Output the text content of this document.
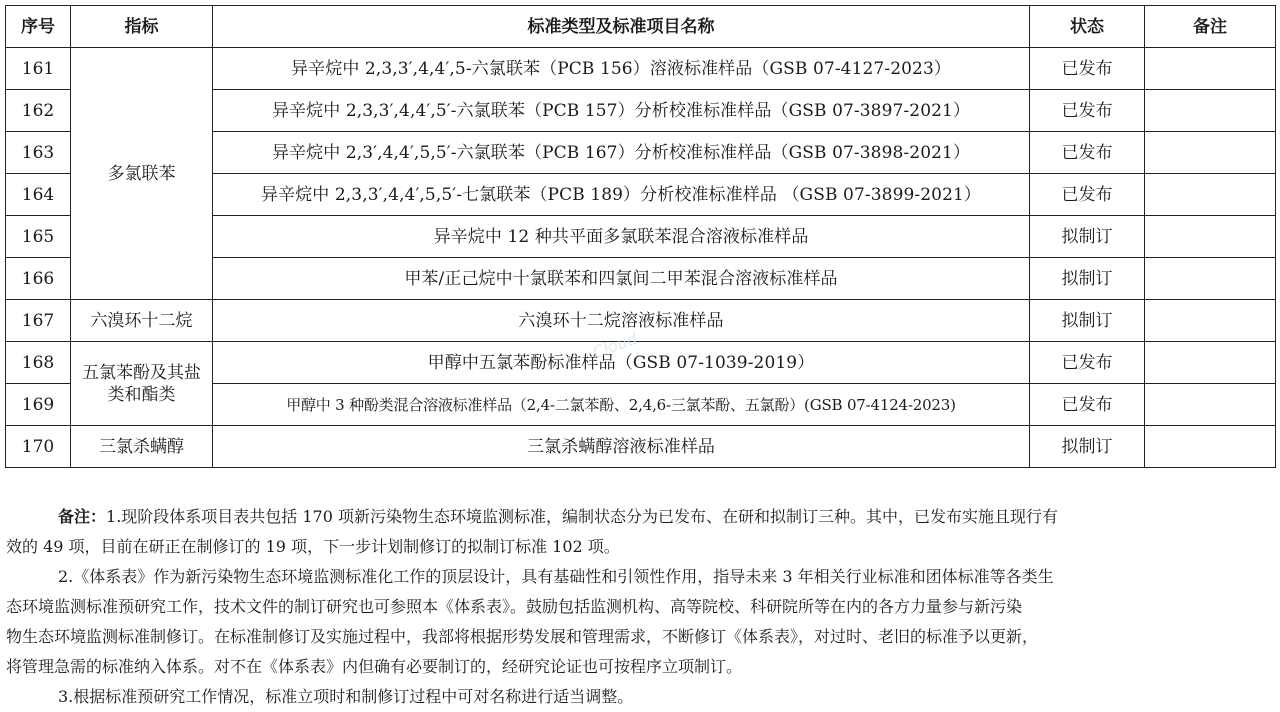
序号	指标	标准类型及标准项目名称	状态	备注
161	多氯联苯	异辛烷中 2,3,3′,4,4′,5-六氯联苯（PCB 156）溶液标准样品（GSB 07-4127-2023）	已发布	
162		异辛烷中 2,3,3′,4,4′,5′-六氯联苯（PCB 157）分析校准标准样品（GSB 07-3897-2021）	已发布	
163		异辛烷中 2,3′,4,4′,5,5′-六氯联苯（PCB 167）分析校准标准样品（GSB 07-3898-2021）	已发布	
164		异辛烷中 2,3,3′,4,4′,5,5′-七氯联苯（PCB 189）分析校准标准样品 （GSB 07-3899-2021）	已发布	
165		异辛烷中 12 种共平面多氯联苯混合溶液标准样品	拟制订	
166		甲苯/正己烷中十氯联苯和四氯间二甲苯混合溶液标准样品	拟制订	
167	六溴环十二烷	六溴环十二烷溶液标准样品	拟制订	
168	五氯苯酚及其盐类和酯类	甲醇中五氯苯酚标准样品（GSB 07-1039-2019）	已发布	
169		甲醇中 3 种酚类混合溶液标准样品（2,4-二氯苯酚、2,4,6-三氯苯酚、五氯酚）(GSB 07-4124-2023)	已发布	
170	三氯杀螨醇	三氯杀螨醇溶液标准样品	拟制订	
Cloud

备注：1.现阶段体系项目表共包括 170 项新污染物生态环境监测标准，编制状态分为已发布、在研和拟制订三种。其中，已发布实施且现行有

效的 49 项，目前在研正在制修订的 19 项，下一步计划制修订的拟制订标准 102 项。

2.《体系表》作为新污染物生态环境监测标准化工作的顶层设计，具有基础性和引领性作用，指导未来 3 年相关行业标准和团体标准等各类生

态环境监测标准预研究工作，技术文件的制订研究也可参照本《体系表》。鼓励包括监测机构、高等院校、科研院所等在内的各方力量参与新污染

物生态环境监测标准制修订。在标准制修订及实施过程中，我部将根据形势发展和管理需求，不断修订《体系表》，对过时、老旧的标准予以更新，

将管理急需的标准纳入体系。对不在《体系表》内但确有必要制订的，经研究论证也可按程序立项制订。

3.根据标准预研究工作情况，标准立项时和制修订过程中可对名称进行适当调整。
